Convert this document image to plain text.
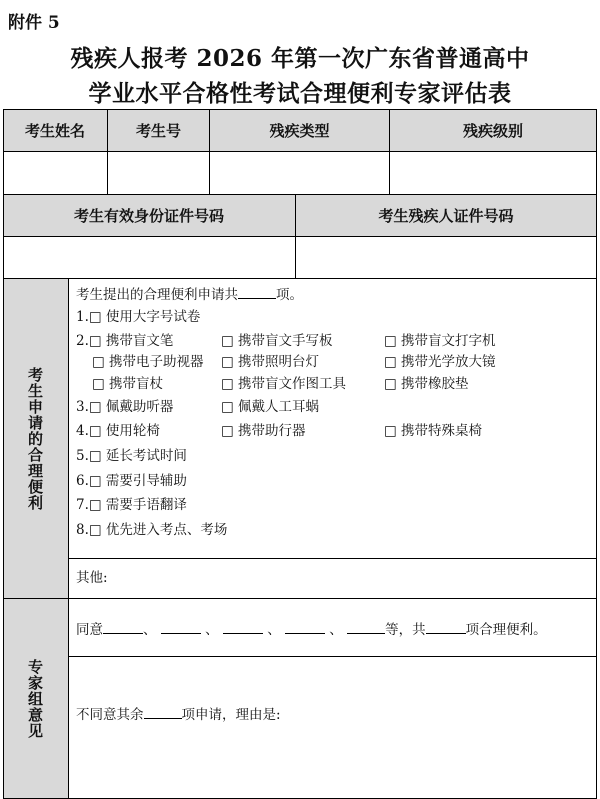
附件 5
残疾人报考 2026 年第一次广东省普通高中
学业水平合格性考试合理便利专家评估表
考生姓名	考生号	残疾类型	残疾级别
考生有效身份证件号码	考生残疾人证件号码
考生申请的合理便利
考生提出的合理便利申请共	项。
1.□ 使用大字号试卷
2.□ 携带盲文笔	□ 携带盲文手写板	□ 携带盲文打字机
□ 携带电子助视器 □ 携带照明台灯	□ 携带光学放大镜
□ 携带盲杖	□ 携带盲文作图工具	□ 携带橡胶垫
3.□ 佩戴助听器	□ 佩戴人工耳蜗
4.□ 使用轮椅	□ 携带助行器	□ 携带特殊桌椅
5.□ 延长考试时间
6.□ 需要引导辅助
7.□ 需要手语翻译
8.□ 优先进入考点、考场
其他:
专家组意见
同意	、	、	、	、	等，共	项合理便利。
不同意其余	项申请，理由是:
